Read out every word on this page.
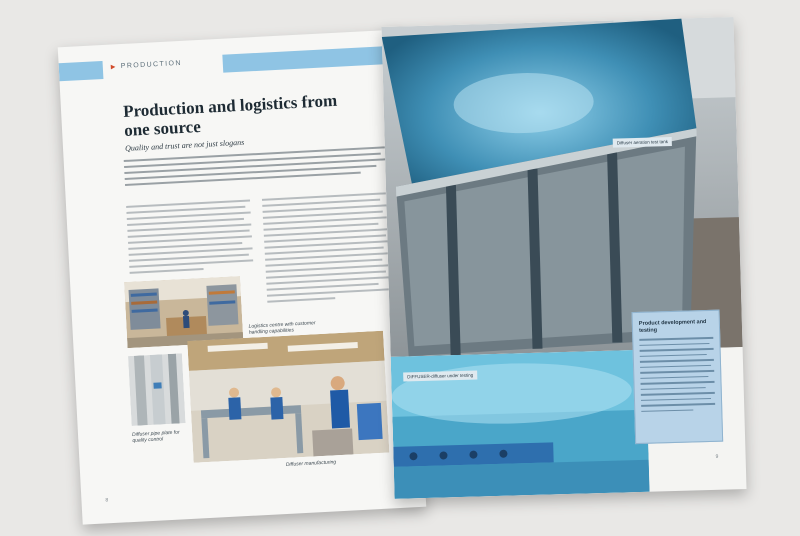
▶ PRODUCTION
Production and logistics from one source
Quality and trust are not just slogans
Logistics centre with customer handling capabilities
Diffuser pipe plate for quality control
Diffuser manufacturing
8
Diffuser aeration test tank
DIFFUSER-diffuser under testing
Product development and testing
9
